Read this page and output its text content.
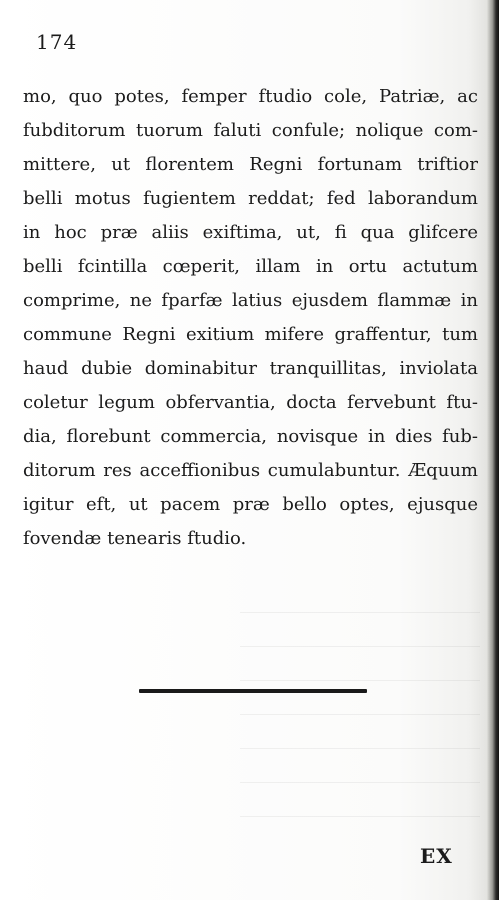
174
mo, quo potes, femper ftudio cole, Patriæ, ac
fubditorum tuorum faluti confule; nolique com-
mittere, ut florentem Regni fortunam triftior
belli motus fugientem reddat; fed laborandum
in hoc præ aliis exiftima, ut, fi qua glifcere
belli fcintilla cœperit, illam in ortu actutum
comprime, ne fparfæ latius ejusdem flammæ in
commune Regni exitium mifere graffentur, tum
haud dubie dominabitur tranquillitas, inviolata
coletur legum obfervantia, docta fervebunt ftu-
dia, florebunt commercia, novisque in dies fub-
ditorum res acceffionibus cumulabuntur. Æquum
igitur eft, ut pacem præ bello optes, ejusque
fovendæ tenearis ftudio.
EX
